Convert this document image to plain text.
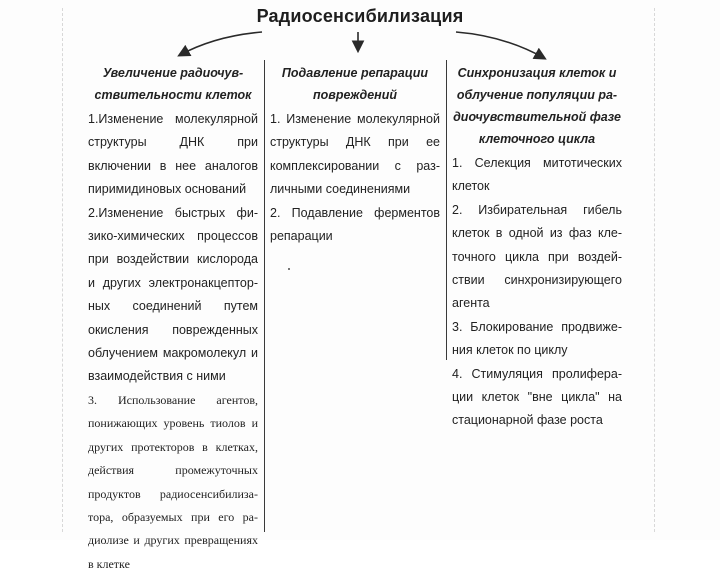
Радиосенсибилизация
Увеличение радиочувствительности клеток
1.Изменение молекулярной структуры ДНК при включении в нее аналогов пиримидиновых оснований
2.Изменение быстрых физико-химических процессов при воздействии кислорода и других электронакцепторных соединений путем окисления поврежденных облучением макромолекул и взаимодействия с ними
3. Использование агентов, понижающих уровень тиолов и других протекторов в клетках, действия промежуточных продуктов радиосенсибилизатора, образуемых при его радиолизе и других превращениях в клетке
Подавление репарации повреждений
1. Изменение молекулярной структуры ДНК при ее комплексировании с различными соединениями
2. Подавление ферментов репарации
Синхронизация клеток и облучение популяции радиочувствительной фазе клеточного цикла
1. Селекция митотических клеток
2. Избирательная гибель клеток в одной из фаз клеточного цикла при воздействии синхронизирующего агента
3. Блокирование продвижения клеток по циклу
4. Стимуляция пролиферации клеток "вне цикла" на стационарной фазе роста
